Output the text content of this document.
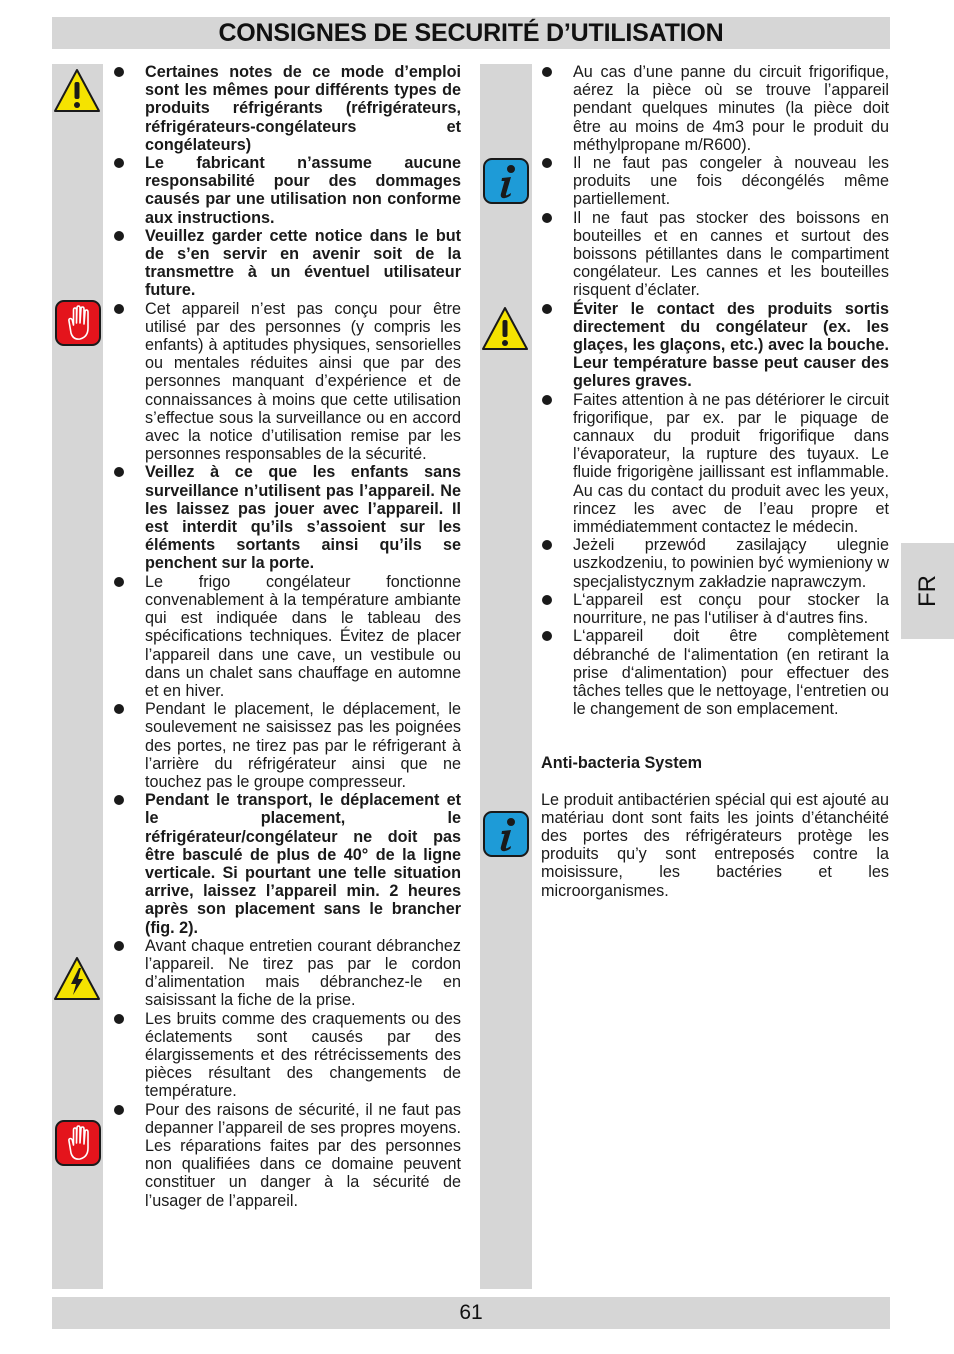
CONSIGNES DE SECURITÉ D’UTILISATION
Certaines notes de ce mode d’emploi sont les mêmes pour différents types de produits réfrigérants (réfrigérateurs, réfrigérateurs-congélateurs et congélateurs)
Le fabricant n’assume aucune responsabilité pour des dommages causés par une utilisation non conforme aux instructions.
Veuillez garder cette notice dans le but de s’en servir en avenir soit de la transmettre à un éventuel utilisateur future.
Cet appareil n’est pas conçu pour être utilisé par des personnes (y compris les enfants) à aptitudes physiques, sensorielles ou mentales réduites ainsi que par des personnes manquant d’expérience et de connaissances à moins que cette utilisation s’effectue sous la surveillance ou en accord avec la notice d’utilisation remise par les personnes responsables de la sécurité.
Veillez à ce que les enfants sans surveillance n’utilisent pas l’appareil. Ne les laissez pas jouer avec l’appareil. Il est interdit qu’ils s’assoient sur les éléments sortants ainsi qu’ils se penchent sur la porte.
Le frigo congélateur fonctionne convenablement à la température ambiante qui est indiquée dans le tableau des spécifications techniques. Évitez de placer l’appareil dans une cave, un vestibule ou dans un chalet sans chauffage en automne et en hiver.
Pendant le placement, le déplacement, le soulevement ne saisissez pas les poignées des portes, ne tirez pas par le réfrigerant à l’arrière du réfrigérateur ainsi que ne touchez pas le groupe compresseur.
Pendant le transport, le déplacement et le placement, le réfrigérateur/congélateur ne doit pas être basculé de plus de 40° de la ligne verticale. Si pourtant une telle situation arrive, laissez l’appareil min. 2 heures après son placement sans le brancher (fig. 2).
Avant chaque entretien courant débranchez l’appareil. Ne tirez pas par le cordon d’alimentation mais débranchez-le en saisissant la fiche de la prise.
Les bruits comme des craquements ou des éclatements sont causés par des élargissements et des rétrécissements des pièces résultant des changements de température.
Pour des raisons de sécurité, il ne faut pas depanner l’appareil de ses propres moyens. Les réparations faites par des personnes non qualifiées dans ce domaine peuvent constituer un danger à la sécurité de l’usager de l’appareil.
Au cas d’une panne du circuit frigorifique, aérez la pièce où se trouve l’appareil pendant quelques minutes (la pièce doit être au moins de 4m3 pour le produit du méthylpropane m/R600).
Il ne faut pas congeler à nouveau les produits une fois décongélés même partiellement.
Il ne faut pas stocker des boissons en bouteilles et en cannes et surtout des boissons pétillantes dans le compartiment congélateur. Les cannes et les bouteilles risquent d’éclater.
Éviter le contact des produits sortis directement du congélateur (ex. les glaçes, les glaçons, etc.) avec la bouche. Leur température basse peut causer des gelures graves.
Faites attention à ne pas détériorer le circuit frigorifique, par ex. par le piquage de cannaux du produit frigorifique dans l’évaporateur, la rupture des tuyaux. Le fluide frigorigène jaillissant est inflammable. Au cas du contact du produit avec les yeux, rincez les avec de l’eau propre et immédiatemment contactez le médecin.
Jeżeli przewód zasilający ulegnie uszkodzeniu, to powinien być wymieniony w specjalistycznym zakładzie naprawczym.
L‘appareil est conçu pour stocker la nourriture, ne pas l‘utiliser à d‘autres fins.
L‘appareil doit être complètement débranché de l‘alimentation (en retirant la prise d‘alimentation) pour effectuer des tâches telles que le nettoyage, l‘entretien ou le changement de son emplacement.

Anti-bacteria System

Le produit antibactérien spécial qui est ajouté au matériau dont sont faits les joints d’étanchéité des portes des réfrigérateurs protège les produits qu’y sont entreposés contre la moisissure, les bactéries et les microorganismes.

FR
61
